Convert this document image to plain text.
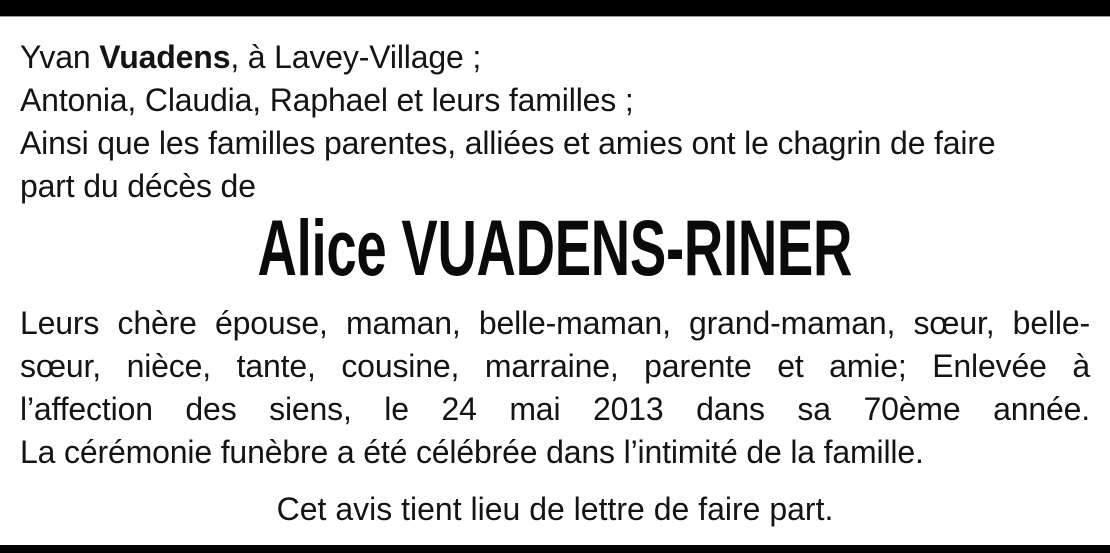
Yvan Vuadens, à Lavey-Village ;
Antonia, Claudia, Raphael et leurs familles ;
Ainsi que les familles parentes, alliées et amies ont le chagrin de faire
part du décès de
Alice VUADENS-RINER
Leurs chère épouse, maman, belle-maman, grand-maman, sœur, belle-
sœur, nièce, tante, cousine, marraine, parente et amie; Enlevée à
l’affection des siens, le 24 mai 2013 dans sa 70ème année.
La cérémonie funèbre a été célébrée dans l’intimité de la famille.
Cet avis tient lieu de lettre de faire part.
